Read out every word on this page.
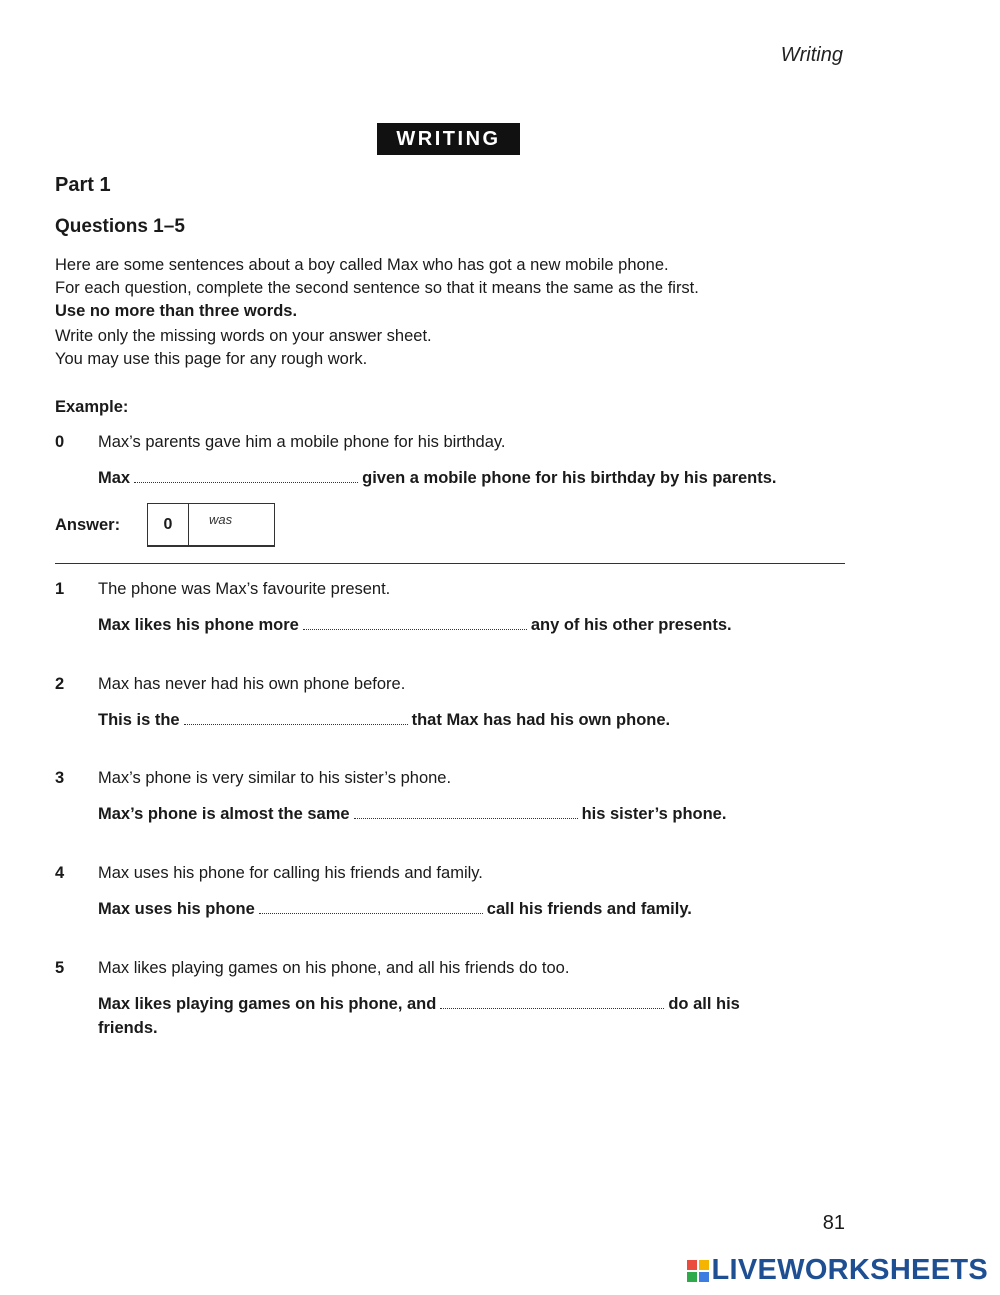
Writing
WRITING
Part 1
Questions 1–5
Here are some sentences about a boy called Max who has got a new mobile phone.
For each question, complete the second sentence so that it means the same as the first.
Use no more than three words.
Write only the missing words on your answer sheet.
You may use this page for any rough work.
Example:
0 Max’s parents gave him a mobile phone for his birthday.
Max	given a mobile phone for his birthday by his parents.
Answer:	0	was
1 The phone was Max’s favourite present.
Max likes his phone more	any of his other presents.
2 Max has never had his own phone before.
This is the	that Max has had his own phone.
3 Max’s phone is very similar to his sister’s phone.
Max’s phone is almost the same	his sister’s phone.
4 Max uses his phone for calling his friends and family.
Max uses his phone	call his friends and family.
5 Max likes playing games on his phone, and all his friends do too.
Max likes playing games on his phone, and	do all his
friends.
81
LIVEWORKSHEETS
